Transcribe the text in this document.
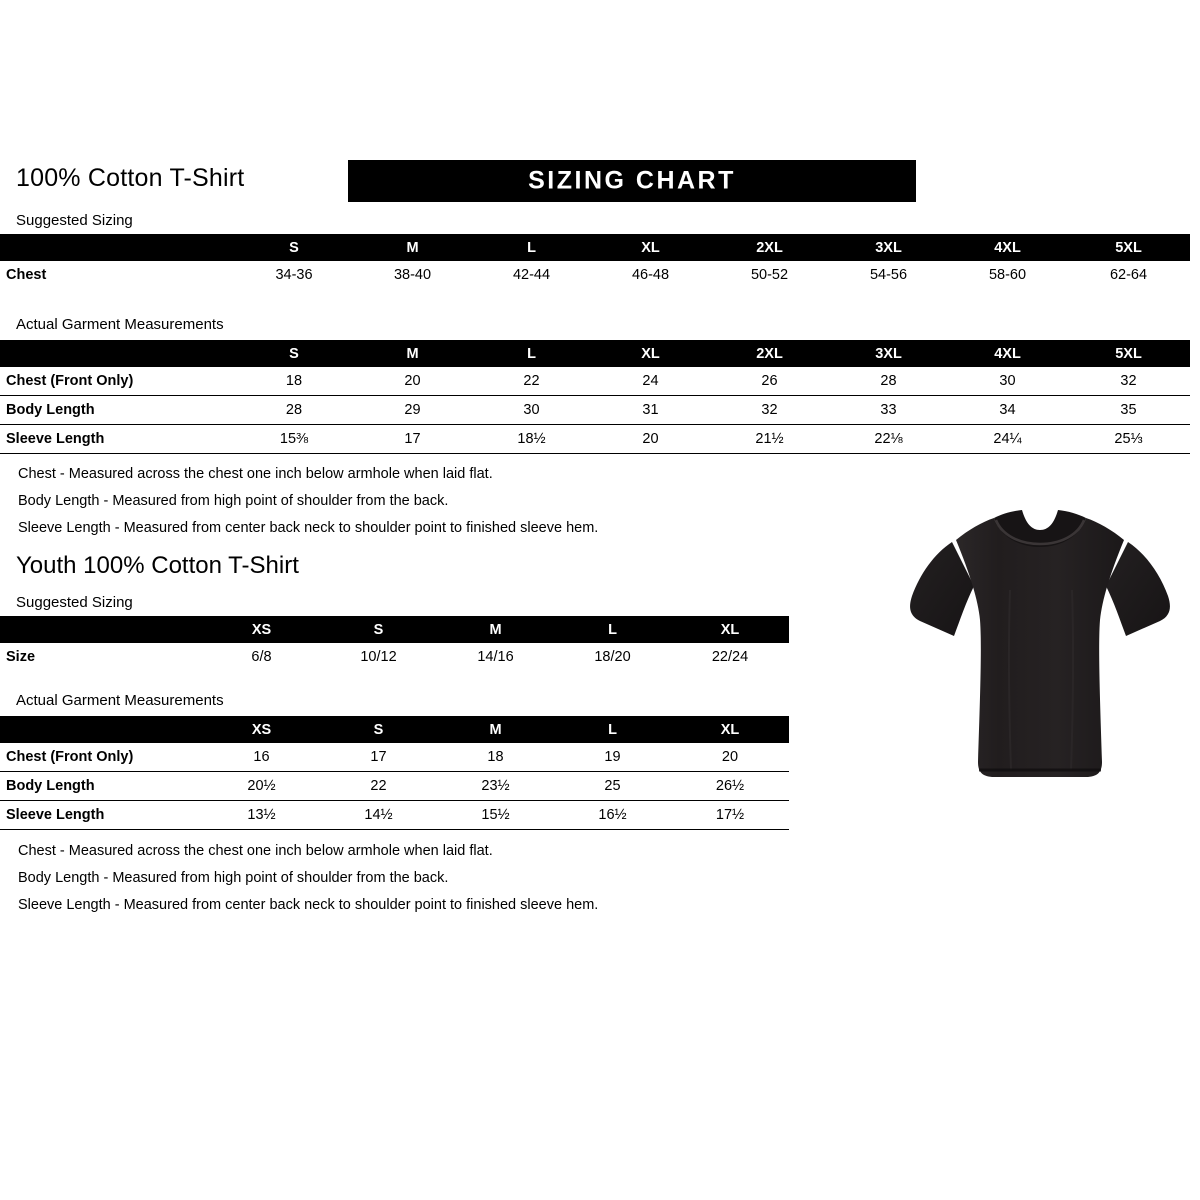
100% Cotton T-Shirt	SIZING CHART
Suggested Sizing
	S	M	L	XL	2XL	3XL	4XL	5XL
Chest	34-36	38-40	42-44	46-48	50-52	54-56	58-60	62-64
Actual Garment Measurements
	S	M	L	XL	2XL	3XL	4XL	5XL
Chest (Front Only)	18	20	22	24	26	28	30	32
Body Length	28	29	30	31	32	33	34	35
Sleeve Length	15⅜	17	18½	20	21½	22⅛	24¼	25⅓
Chest - Measured across the chest one inch below armhole when laid flat.
Body Length - Measured from high point of shoulder from the back.
Sleeve Length - Measured from center back neck to shoulder point to finished sleeve hem.
Youth 100% Cotton T-Shirt
Suggested Sizing
	XS	S	M	L	XL
Size	6/8	10/12	14/16	18/20	22/24
Actual Garment Measurements
	XS	S	M	L	XL
Chest (Front Only)	16	17	18	19	20
Body Length	20½	22	23½	25	26½
Sleeve Length	13½	14½	15½	16½	17½
Chest - Measured across the chest one inch below armhole when laid flat.
Body Length - Measured from high point of shoulder from the back.
Sleeve Length - Measured from center back neck to shoulder point to finished sleeve hem.
